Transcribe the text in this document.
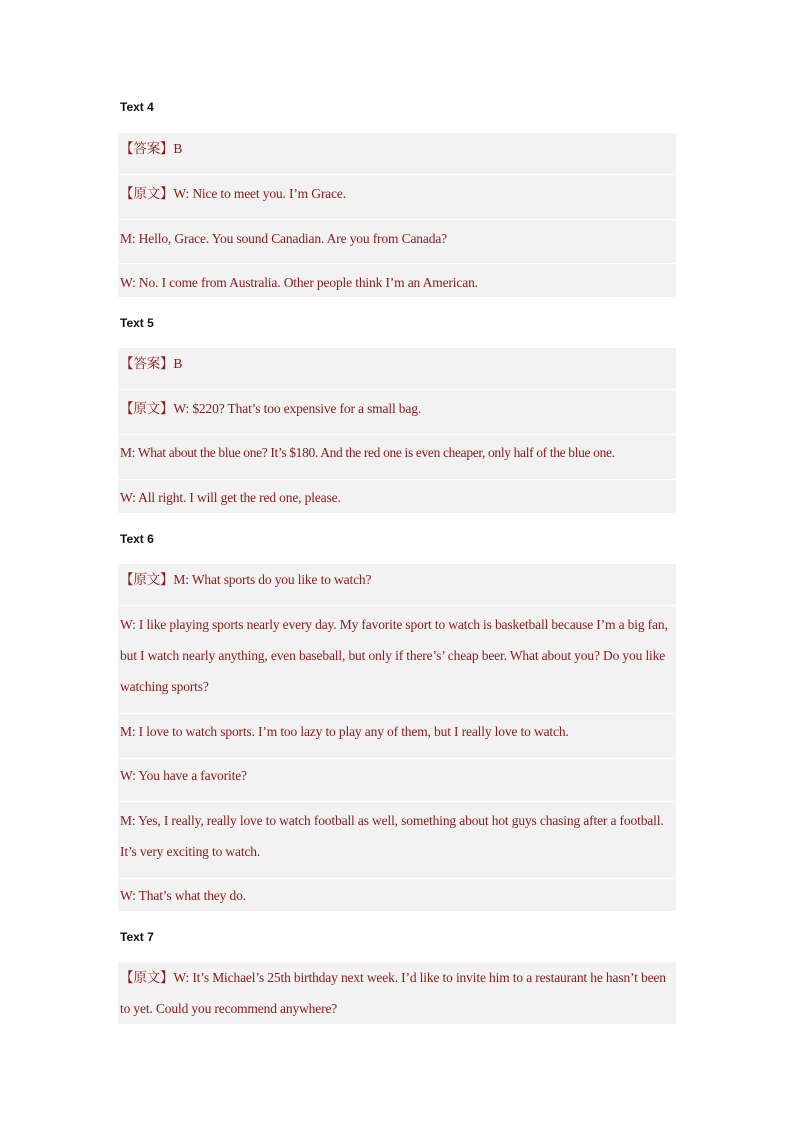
Text 4
【答案】B
【原文】W: Nice to meet you. I’m Grace.
M: Hello, Grace. You sound Canadian. Are you from Canada?
W: No. I come from Australia. Other people think I’m an American.
Text 5
【答案】B
【原文】W: $220? That’s too expensive for a small bag.
M: What about the blue one? It’s $180. And the red one is even cheaper, only half of the blue one.
W: All right. I will get the red one, please.
Text 6
【原文】M: What sports do you like to watch?
W: I like playing sports nearly every day. My favorite sport to watch is basketball because I’m a big fan, but I watch nearly anything, even baseball, but only if there’s’ cheap beer. What about you? Do you like watching sports?
M: I love to watch sports. I’m too lazy to play any of them, but I really love to watch.
W: You have a favorite?
M: Yes, I really, really love to watch football as well, something about hot guys chasing after a football. It’s very exciting to watch.
W: That’s what they do.
Text 7
【原文】W: It’s Michael’s 25th birthday next week. I’d like to invite him to a restaurant he hasn’t been to yet. Could you recommend anywhere?
